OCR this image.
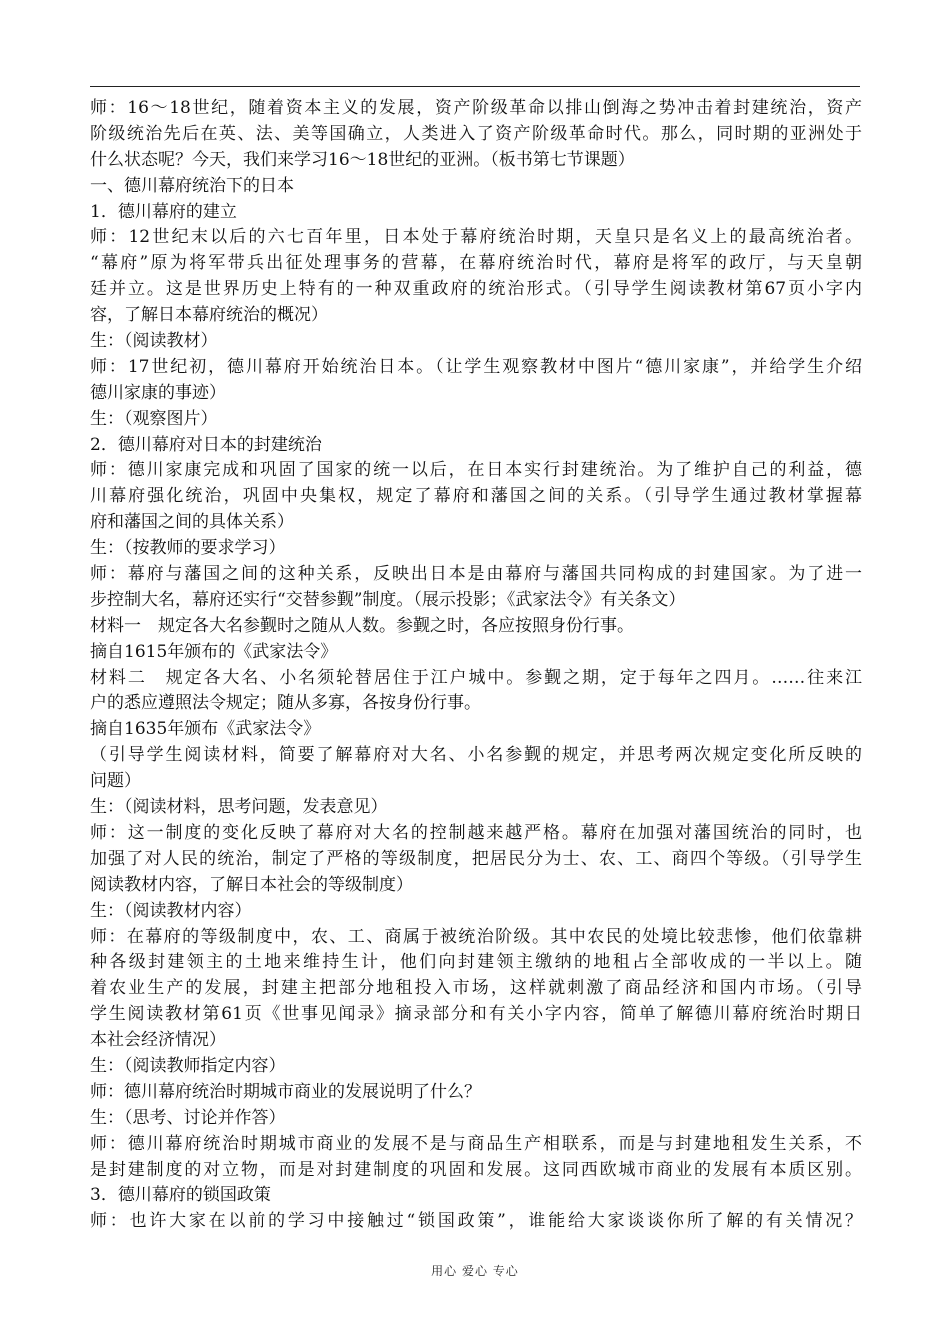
师：16～18世纪，随着资本主义的发展，资产阶级革命以排山倒海之势冲击着封建统治，资产
阶级统治先后在英、法、美等国确立，人类进入了资产阶级革命时代。那么，同时期的亚洲处于
什么状态呢？今天，我们来学习16～18世纪的亚洲。（板书第七节课题）
一、德川幕府统治下的日本
1．德川幕府的建立
师：12世纪末以后的六七百年里，日本处于幕府统治时期，天皇只是名义上的最高统治者。
“幕府”原为将军带兵出征处理事务的营幕，在幕府统治时代，幕府是将军的政厅，与天皇朝
廷并立。这是世界历史上特有的一种双重政府的统治形式。（引导学生阅读教材第67页小字内
容，了解日本幕府统治的概况）
生：（阅读教材）
师：17世纪初，德川幕府开始统治日本。（让学生观察教材中图片“德川家康”，并给学生介绍
德川家康的事迹）
生：（观察图片）
2．德川幕府对日本的封建统治
师：德川家康完成和巩固了国家的统一以后，在日本实行封建统治。为了维护自己的利益，德
川幕府强化统治，巩固中央集权，规定了幕府和藩国之间的关系。（引导学生通过教材掌握幕
府和藩国之间的具体关系）
生：（按教师的要求学习）
师：幕府与藩国之间的这种关系，反映出日本是由幕府与藩国共同构成的封建国家。为了进一
步控制大名，幕府还实行“交替参觐”制度。（展示投影；《武家法令》有关条文）
材料一　规定各大名参觐时之随从人数。参觐之时，各应按照身份行事。
摘自1615年颁布的《武家法令》
材料二　规定各大名、小名须轮替居住于江户城中。参觐之期，定于每年之四月。……往来江
户的悉应遵照法令规定；随从多寡，各按身份行事。
摘自1635年颁布《武家法令》
（引导学生阅读材料，简要了解幕府对大名、小名参觐的规定，并思考两次规定变化所反映的
问题）
生：（阅读材料，思考问题，发表意见）
师：这一制度的变化反映了幕府对大名的控制越来越严格。幕府在加强对藩国统治的同时，也
加强了对人民的统治，制定了严格的等级制度，把居民分为士、农、工、商四个等级。（引导学生
阅读教材内容，了解日本社会的等级制度）
生：（阅读教材内容）
师：在幕府的等级制度中，农、工、商属于被统治阶级。其中农民的处境比较悲惨，他们依靠耕
种各级封建领主的土地来维持生计，他们向封建领主缴纳的地租占全部收成的一半以上。随
着农业生产的发展，封建主把部分地租投入市场，这样就刺激了商品经济和国内市场。（引导
学生阅读教材第61页《世事见闻录》摘录部分和有关小字内容，简单了解德川幕府统治时期日
本社会经济情况）
生：（阅读教师指定内容）
师：德川幕府统治时期城市商业的发展说明了什么？
生：（思考、讨论并作答）
师：德川幕府统治时期城市商业的发展不是与商品生产相联系，而是与封建地租发生关系，不
是封建制度的对立物，而是对封建制度的巩固和发展。这同西欧城市商业的发展有本质区别。
3．德川幕府的锁国政策
师：也许大家在以前的学习中接触过“锁国政策”，谁能给大家谈谈你所了解的有关情况？
用心 爱心 专心
